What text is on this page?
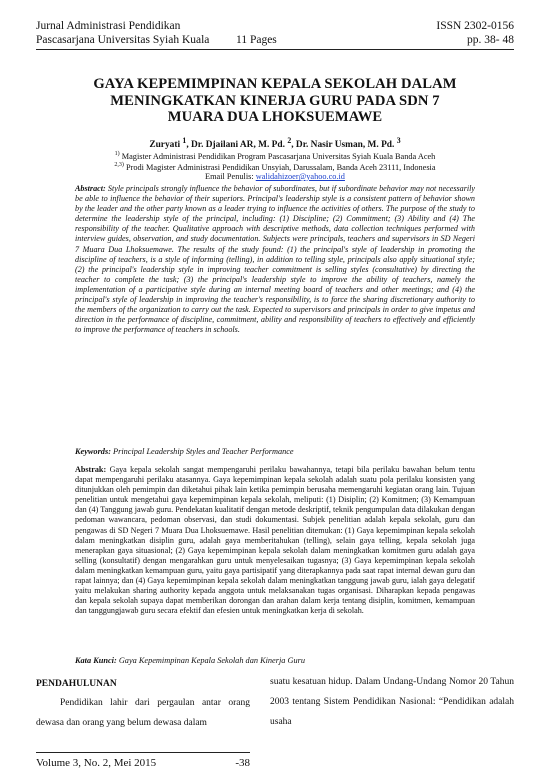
Jurnal Administrasi Pendidikan	ISSN 2302-0156
Pascasarjana Universitas Syiah Kuala 11 Pages	pp. 38- 48
GAYA KEPEMIMPINAN KEPALA SEKOLAH DALAM
MENINGKATKAN KINERJA GURU PADA SDN 7
MUARA DUA LHOKSUEMAWE
Zuryati $^1$, Dr. Djailani AR, M. Pd. $^2$, Dr. Nasir Usman, M. Pd. $^3$
$^{1)}$ Magister Administrasi Pendidikan Program Pascasarjana Universitas Syiah Kuala Banda Aceh
$^{2,3)}$ Prodi Magister Administrasi Pendidikan Unsyiah, Darussalam, Banda Aceh 23111, Indonesia
Email Penulis: walidahizoer@yahoo.co.id
Abstract: Style principals strongly influence the behavior of subordinates, but if subordinate behavior may not necessarily be able to influence the behavior of their superiors. Principal's leadership style is a consistent pattern of behavior shown by the leader and the other party known as a leader trying to influence the activities of others. The purpose of the study to determine the leadership style of the principal, including: (1) Discipline; (2) Commitment; (3) Ability and (4) The responsibility of the teacher. Qualitative approach with descriptive methods, data collection techniques performed with interview guides, observation, and study documentation. Subjects were principals, teachers and supervisors in SD Negeri 7 Muara Dua Lhoksuemawe. The results of the study found: (1) the principal's style of leadership in promoting the discipline of teachers, is a style of informing (telling), in addition to telling style, principals also apply situational style; (2) the principal's leadership style in improving teacher commitment is selling styles (consultative) by directing the teacher to complete the task; (3) the principal's leadership style to improve the ability of teachers, namely the implementation of a participative style during an internal meeting board of teachers and other meetings; and (4) the principal's style of leadership in improving the teacher's responsibility, is to force the sharing discretionary authority to the members of the organization to carry out the task. Expected to supervisors and principals in order to give impetus and direction in the performance of discipline, commitment, ability and responsibility of teachers to effectively and efficiently to improve the performance of teachers in schools.
Keywords: Principal Leadership Styles and Teacher Performance
Abstrak: Gaya kepala sekolah sangat mempengaruhi perilaku bawahannya, tetapi bila perilaku bawahan belum tentu dapat mempengaruhi perilaku atasannya. Gaya kepemimpinan kepala sekolah adalah suatu pola perilaku konsisten yang ditunjukkan oleh pemimpin dan diketahui pihak lain ketika pemimpin berusaha memengaruhi kegiatan orang lain. Tujuan penelitian untuk mengetahui gaya kepemimpinan kepala sekolah, meliputi: (1) Disiplin; (2) Komitmen; (3) Kemampuan dan (4) Tanggung jawab guru. Pendekatan kualitatif dengan metode deskriptif, teknik pengumpulan data dilakukan dengan pedoman wawancara, pedoman observasi, dan studi dokumentasi. Subjek penelitian adalah kepala sekolah, guru dan pengawas di SD Negeri 7 Muara Dua Lhoksuemawe. Hasil penelitian ditemukan: (1) Gaya kepemimpinan kepala sekolah dalam meningkatkan disiplin guru, adalah gaya memberitahukan (telling), selain gaya telling, kepala sekolah juga menerapkan gaya situasional; (2) Gaya kepemimpinan kepala sekolah dalam meningkatkan komitmen guru adalah gaya selling (konsultatif) dengan mengarahkan guru untuk menyelesaikan tugasnya; (3) Gaya kepemimpinan kepala sekolah dalam meningkatkan kemampuan guru, yaitu gaya partisipatif yang diterapkannya pada saat rapat internal dewan guru dan rapat lainnya; dan (4) Gaya kepemimpinan kepala sekolah dalam meningkatkan tanggung jawab guru, ialah gaya delegatif yaitu melakukan sharing authority kepada anggota untuk melaksanakan tugas organisasi. Diharapkan kepada pengawas dan kepala sekolah supaya dapat memberikan dorongan dan arahan dalam kerja tentang disiplin, komitmen, kemampuan dan tanggungjawab guru secara efektif dan efesien untuk meningkatkan kerja di sekolah.
Kata Kunci: Gaya Kepemimpinan Kepala Sekolah dan Kinerja Guru
PENDAHULUNAN
Pendidikan lahir dari pergaulan antar orang dewasa dan orang yang belum dewasa dalam
suatu kesatuan hidup. Dalam Undang-Undang Nomor 20 Tahun 2003 tentang Sistem Pendidikan Nasional: “Pendidikan adalah usaha
Volume 3, No. 2, Mei 2015	-38
